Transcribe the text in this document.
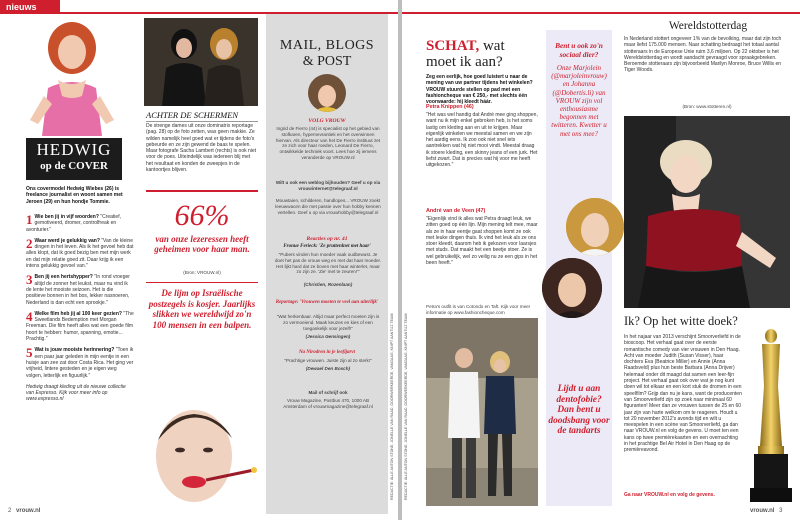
nieuws
HEDWIG
op de COVER
Ons covermodel Hedwig Wiebes (26) is freelance journalist en woont samen met Jeroen (29) en hun hondje Tommie.
1 Wie ben jij in vijf woorden? "Creatief, gemotiveerd, dromer, controlfreak en avonturier."
2 Waar werd je gelukkig van? "Van de kleine dingen in het leven. Als ik het gevoel heb dat alles klopt, dat ik goed bezig ben met mijn werk en dat mijn relatie goed zit. Daar krijg ik een intens gelukkig gevoel van."
3 Ben jij een hertshypper? "In rond vroeger altijd de zonner het leukst, maar nu vind ik de lente het mooiste seizoen. Het is die positieve bonnen in het bos, lekker nasnoeren, Nederland is dan echt een sprookje."
4 Welke film heb jij al 100 keer gezien? "The Sweetlands Bedemption met Morgan Freeman. Die film heeft alles wat een goede film hoort te hebben: humor, spanning, emotie... Prachtig."
5 Wat is jouw mooiste herinnering? "Toen ik een paar jaar geleden in mijn eentje in een huisje aan zee zat door Costa Rica. Het ging ver vrijheid, lintere gesteden en je eigen weg volgen, letterlijk en figuurlijk."
Hedwig draagt kleding uit de nieuwe collectie van Expresso. Kijk voor meer info op www.expresso.nl
ACHTER DE SCHERMEN
De strenge dames uit onze dominatrix reportage (pag. 28) op de foto zetten, was geen makkie. Ze wilden namelijk heel goed wat er tijdens de foto's gebeurde en ze zijn gewend de baas te spelen. Maar fotografe Sacha Lambert (rechts) is ook niet voor de poes. Uiteindelijk was iedereen blij met het resultaat en konden de zweepjes in de kantoortjes blijven.
66%
van onze lezeressen heeft geheimen voor haar man.
(Bron: VROUW.nl)
De lijm op Israëlische postzegels is kosjer. Jaarlijks slikken we wereldwijd zo'n 100 mensen in een balpen.
MAIL, BLOGS
& POST
VOLG VROUW
Ingrid de Fierro (44) is specialist op het gebied van stofkaren, hypernevrantiek en het overwinnen hiervan. Als directeur van het De Fierro instituut zet ze zich voor haar roeden, Leonard De Fierro, ontwikkelde techniek voort. Lees hoe zij iemens veranderde op VROUW.nl
Wilt u ook een weblog bijhouden? Geef u op via vrouwinternet@telegraaf.nl
Mouwtaien, schilderen, handlopes... VROUW zoekt leeuwwacen die met passie over hun hobby kennen vertellen. Geef u op via vrouwhobby@telegraaf.nl
Reacties op nr. 41
Fronue Ferieck: 'Ze pruttenlnet met haar'
"Pubers vinden hun moeder vaak oudbewust. Je doet het pas de vrouw weg en met dat haar moeder. Het lijkt hard dat ze boven met haar winterlet, maar zo zijn ze. 'Zie' met te zeuren!'"
(Christien, Rozenlaan)
Reportage: 'Vrouwen moeten te veel aan uiterlijk'
"Wat herkenbaar. Altijd maar perfect moeten zijn is zo vermoeiend. Maak keuzes en kies of een toegankelijk voor jezelf!"
(Jessica Gensingen)
Na Nirodren in je leefijarvt
"Prachtige vrouwen. Juiste zijn al zo sterk!"
(Dewael Den Bosch)
Mail of schrijf ook
Vrouw Magazine, Postbus 470, 1000 AB Amsterdam of vrouwmagazine@telegraaf.nl	REDACTIE: ALLE ANTON STONE, JONELLE VAN RAAD, DOORWERKEERDE, VANDAAG, KNIPT AANTIJZ TEAM
2 vrouw.nl
REDACTIE: ALLE ANTON STONE, JONELLE VAN RAAD, DOORWERKEERDE, VANDAAG, KNIPT AANTIJZ TEAM
SCHAT, wat
moet ik aan?
Zeg een eerlijk, hoe goed luistert u naar de mening van uw partner tijdens het winkelen? VROUW stuurde stellen op pad met een fashioncheque van € 250,- met slechts één voorwaarde: hij kleedt háár.
Petra Knippen (46)
"Het was wel handig dat André mee ging shoppen, want nu ik mijn enkel gebroken heb, is het soms lastig om kleding aan en uit te krijgen. Maar eigenlijk winkelen we meestal samen en we zijn het aardig eens. Ik zoo ook niet snel iets aantrekken wat hij niet mooi vindt. Meestal draag ik stoere kleding, een skinny jeans of een jurk. Het liefst zwart. Dat is precies wat hij voor me heeft uitgekozen."
André van de Veen (47)
"Eigenlijk vind ik alles wat Petra draagt leuk, we zitten goed op één lijn. Mijn mening telt mee, maar als ze in haar eentje gaat shoppen komt ze ook met leuke dingen thuis. Ik vind het leuk als ze ons stoer kleedt, daarom heb ik gekozen voor laarsjes met studs. Dat maakt het een beetje stoer. Ze is wel gebruikelijk, wel zo veilig nu ze een gips in het been heeft."
Petra's outfit is van Cotondo en Taft. Kijk voor meer informatie op www.fashioncheque.com
Bent u ook zo'n sociaal dier?
Onze Marjolein (@marjoleinvrouw) en Johanna (@Dobertis.li) van VROUW zijn vol enthousiasme begonnen met twitteren. Kwetter u met ons mee?
Lijdt u aan dentofobie? Dan bent u doodsbang voor de tandarts
Wereldstotterdag
In Nederland stottert ongeveer 1% van de bevolking, maar dat zijn toch maar liefst 175.000 mensen. Naar schatting bedraagt het totaal aantal stotteraars in de Europese Unie ruim 3,6 miljoen. Op 22 oktober is het Wereldstotterdag en wordt aandacht gevraagd voor spraakgebreken. Beroemde stotteraars zijn bijvoorbeeld Marilyn Monroe, Bruce Willis en Tiger Woods.
(Bron: www.stotteren.nl)
Ik? Op het witte doek?
In het najaar van 2013 verschijnt Smoorverliefd in de bioscoop. Het verhaal gaat over de eerste romantische comedy van vier vrouwen in Den Haag. Acht van moeder Judith (Susan Visser), haar dochters Eva (Beatrice Miller) en Annie (Anna Raadsveld) plus hun beste Barbara (Anna Drijver) helemaal onder dit maagd dat samen een leer-fijn project. Het verhaal gaat ook over wat je nog kunt doen wil tot elkaar en een kort stuk de dromen in een speelfilm? Grijp dan nu je kans, want de producenten van Smoorverliefd zijn op zoek naar minimaal 60 figuranten! Meer dan ze vrouwen tussen de 25 en 60 jaar zijn van harte welkom om te reageren. Houdt u tot 20 november 2012's avonds tijd en wilt u meespelen in een scène van Smoorverliefd, ga dan naar VROUW.nl en volg de gevens. U moet ten een kans op twee premièrekaarten en een overnachting in het prachtige Bel Air Hotel in Den Haag op de premièreavond.
Ga naar VROUW.nl en volg de gevens.
vrouw.nl 3
